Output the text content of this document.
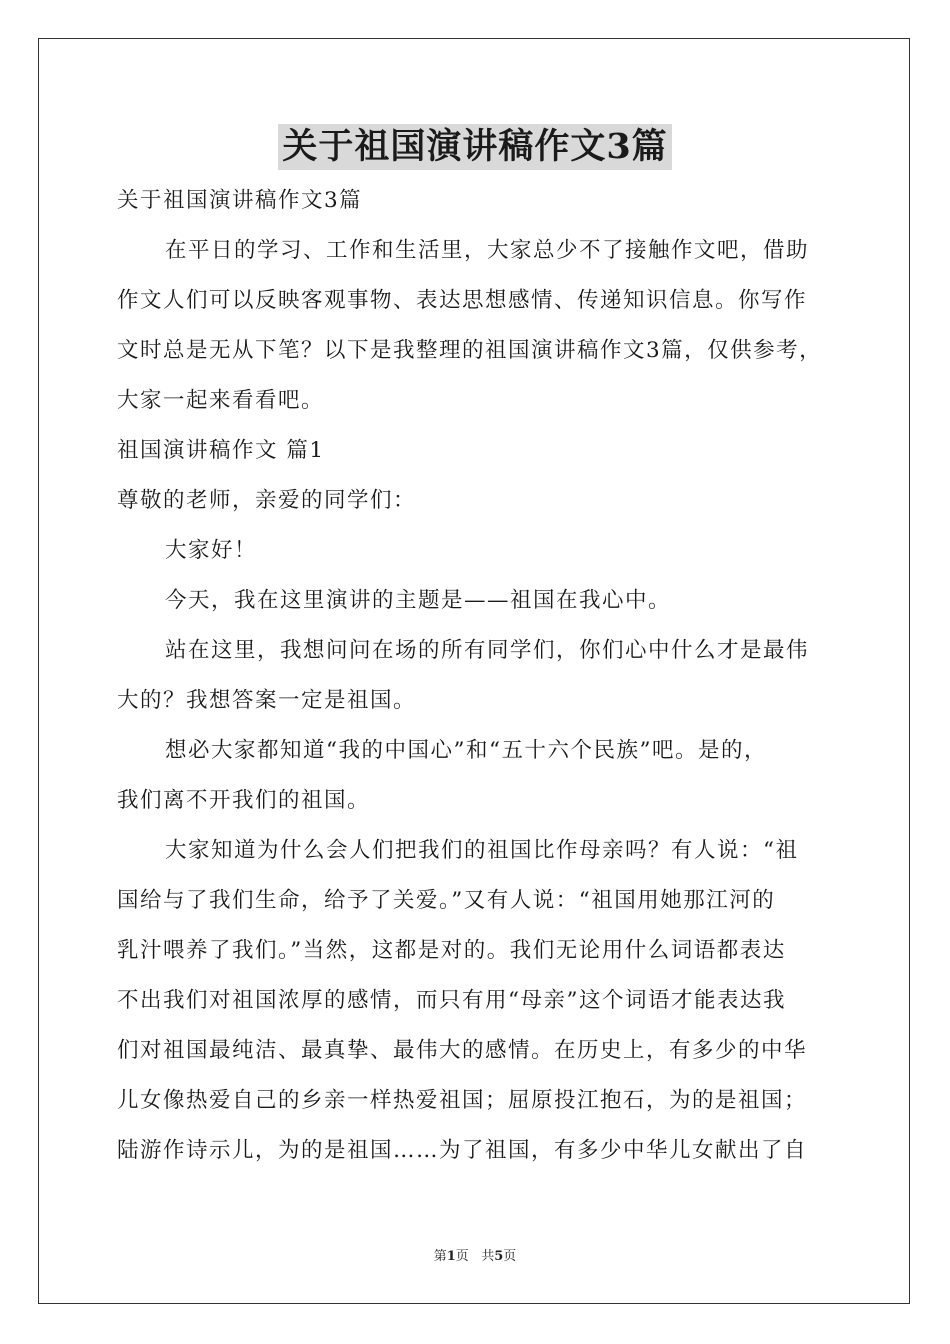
关于祖国演讲稿作文3篇
关于祖国演讲稿作文3篇
在平日的学习、工作和生活里，大家总少不了接触作文吧，借助
作文人们可以反映客观事物、表达思想感情、传递知识信息。你写作
文时总是无从下笔？以下是我整理的祖国演讲稿作文3篇，仅供参考，
大家一起来看看吧。
祖国演讲稿作文 篇1
尊敬的老师，亲爱的同学们：
大家好！
今天，我在这里演讲的主题是——祖国在我心中。
站在这里，我想问问在场的所有同学们，你们心中什么才是最伟
大的？我想答案一定是祖国。
想必大家都知道“我的中国心”和“五十六个民族”吧。是的，
我们离不开我们的祖国。
大家知道为什么会人们把我们的祖国比作母亲吗？有人说：“祖
国给与了我们生命，给予了关爱。”又有人说：“祖国用她那江河的
乳汁喂养了我们。”当然，这都是对的。我们无论用什么词语都表达
不出我们对祖国浓厚的感情，而只有用“母亲”这个词语才能表达我
们对祖国最纯洁、最真挚、最伟大的感情。在历史上，有多少的中华
儿女像热爱自己的乡亲一样热爱祖国；屈原投江抱石，为的是祖国；
陆游作诗示儿，为的是祖国……为了祖国，有多少中华儿女献出了自
第1页 共5页
